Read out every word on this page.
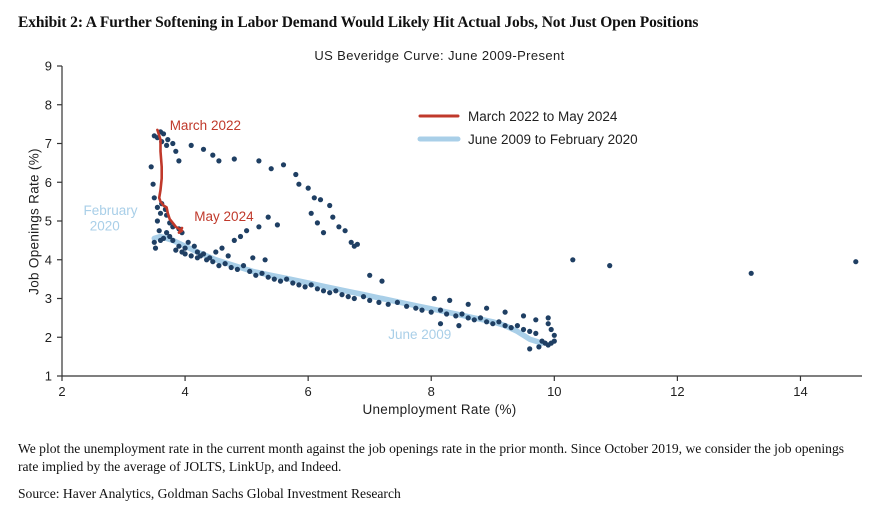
Exhibit 2: A Further Softening in Labor Demand Would Likely Hit Actual Jobs, Not Just Open Positions
US Beveridge Curve: June 2009-Present
Job Openings Rate (%)
Unemployment Rate (%)
2	4	6	8	10	12	14
1
2
3
4
5
6
7
8
9
March 2022
May 2024
February
2020
June 2009
March 2022 to May 2024
June 2009 to February 2020
We plot the unemployment rate in the current month against the job openings rate in the prior month. Since October 2019, we consider the job openings rate implied by the average of JOLTS, LinkUp, and Indeed.
Source: Haver Analytics, Goldman Sachs Global Investment Research
